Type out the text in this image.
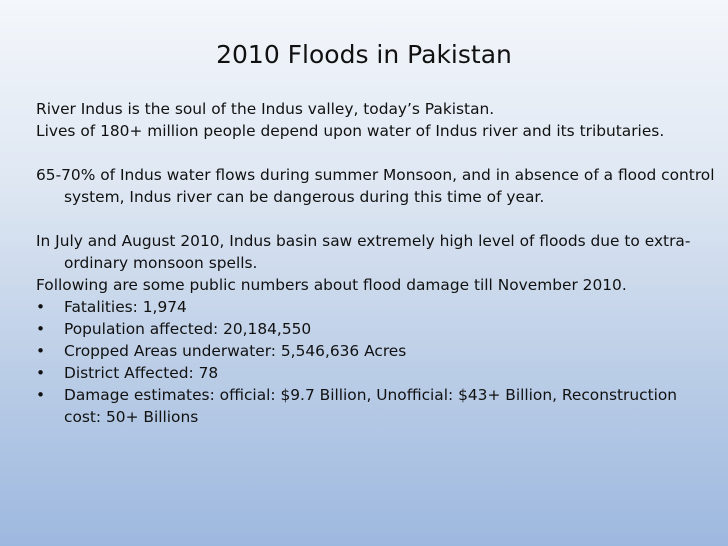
2010 Floods in Pakistan

River Indus is the soul of the Indus valley, today’s Pakistan.

Lives of 180+ million people depend upon water of Indus river and its tributaries.

65-70% of Indus water flows during summer Monsoon, and in absence of a flood control system, Indus river can be dangerous during this time of year.

In July and August 2010, Indus basin saw extremely high level of floods due to extra-ordinary monsoon spells.

Following are some public numbers about flood damage till November 2010.

•	Fatalities: 1,974
•	Population affected: 20,184,550
•	Cropped Areas underwater: 5,546,636 Acres
•	District Affected: 78
•	Damage estimates: official: $9.7 Billion, Unofficial: $43+ Billion, Reconstruction cost: 50+ Billions
